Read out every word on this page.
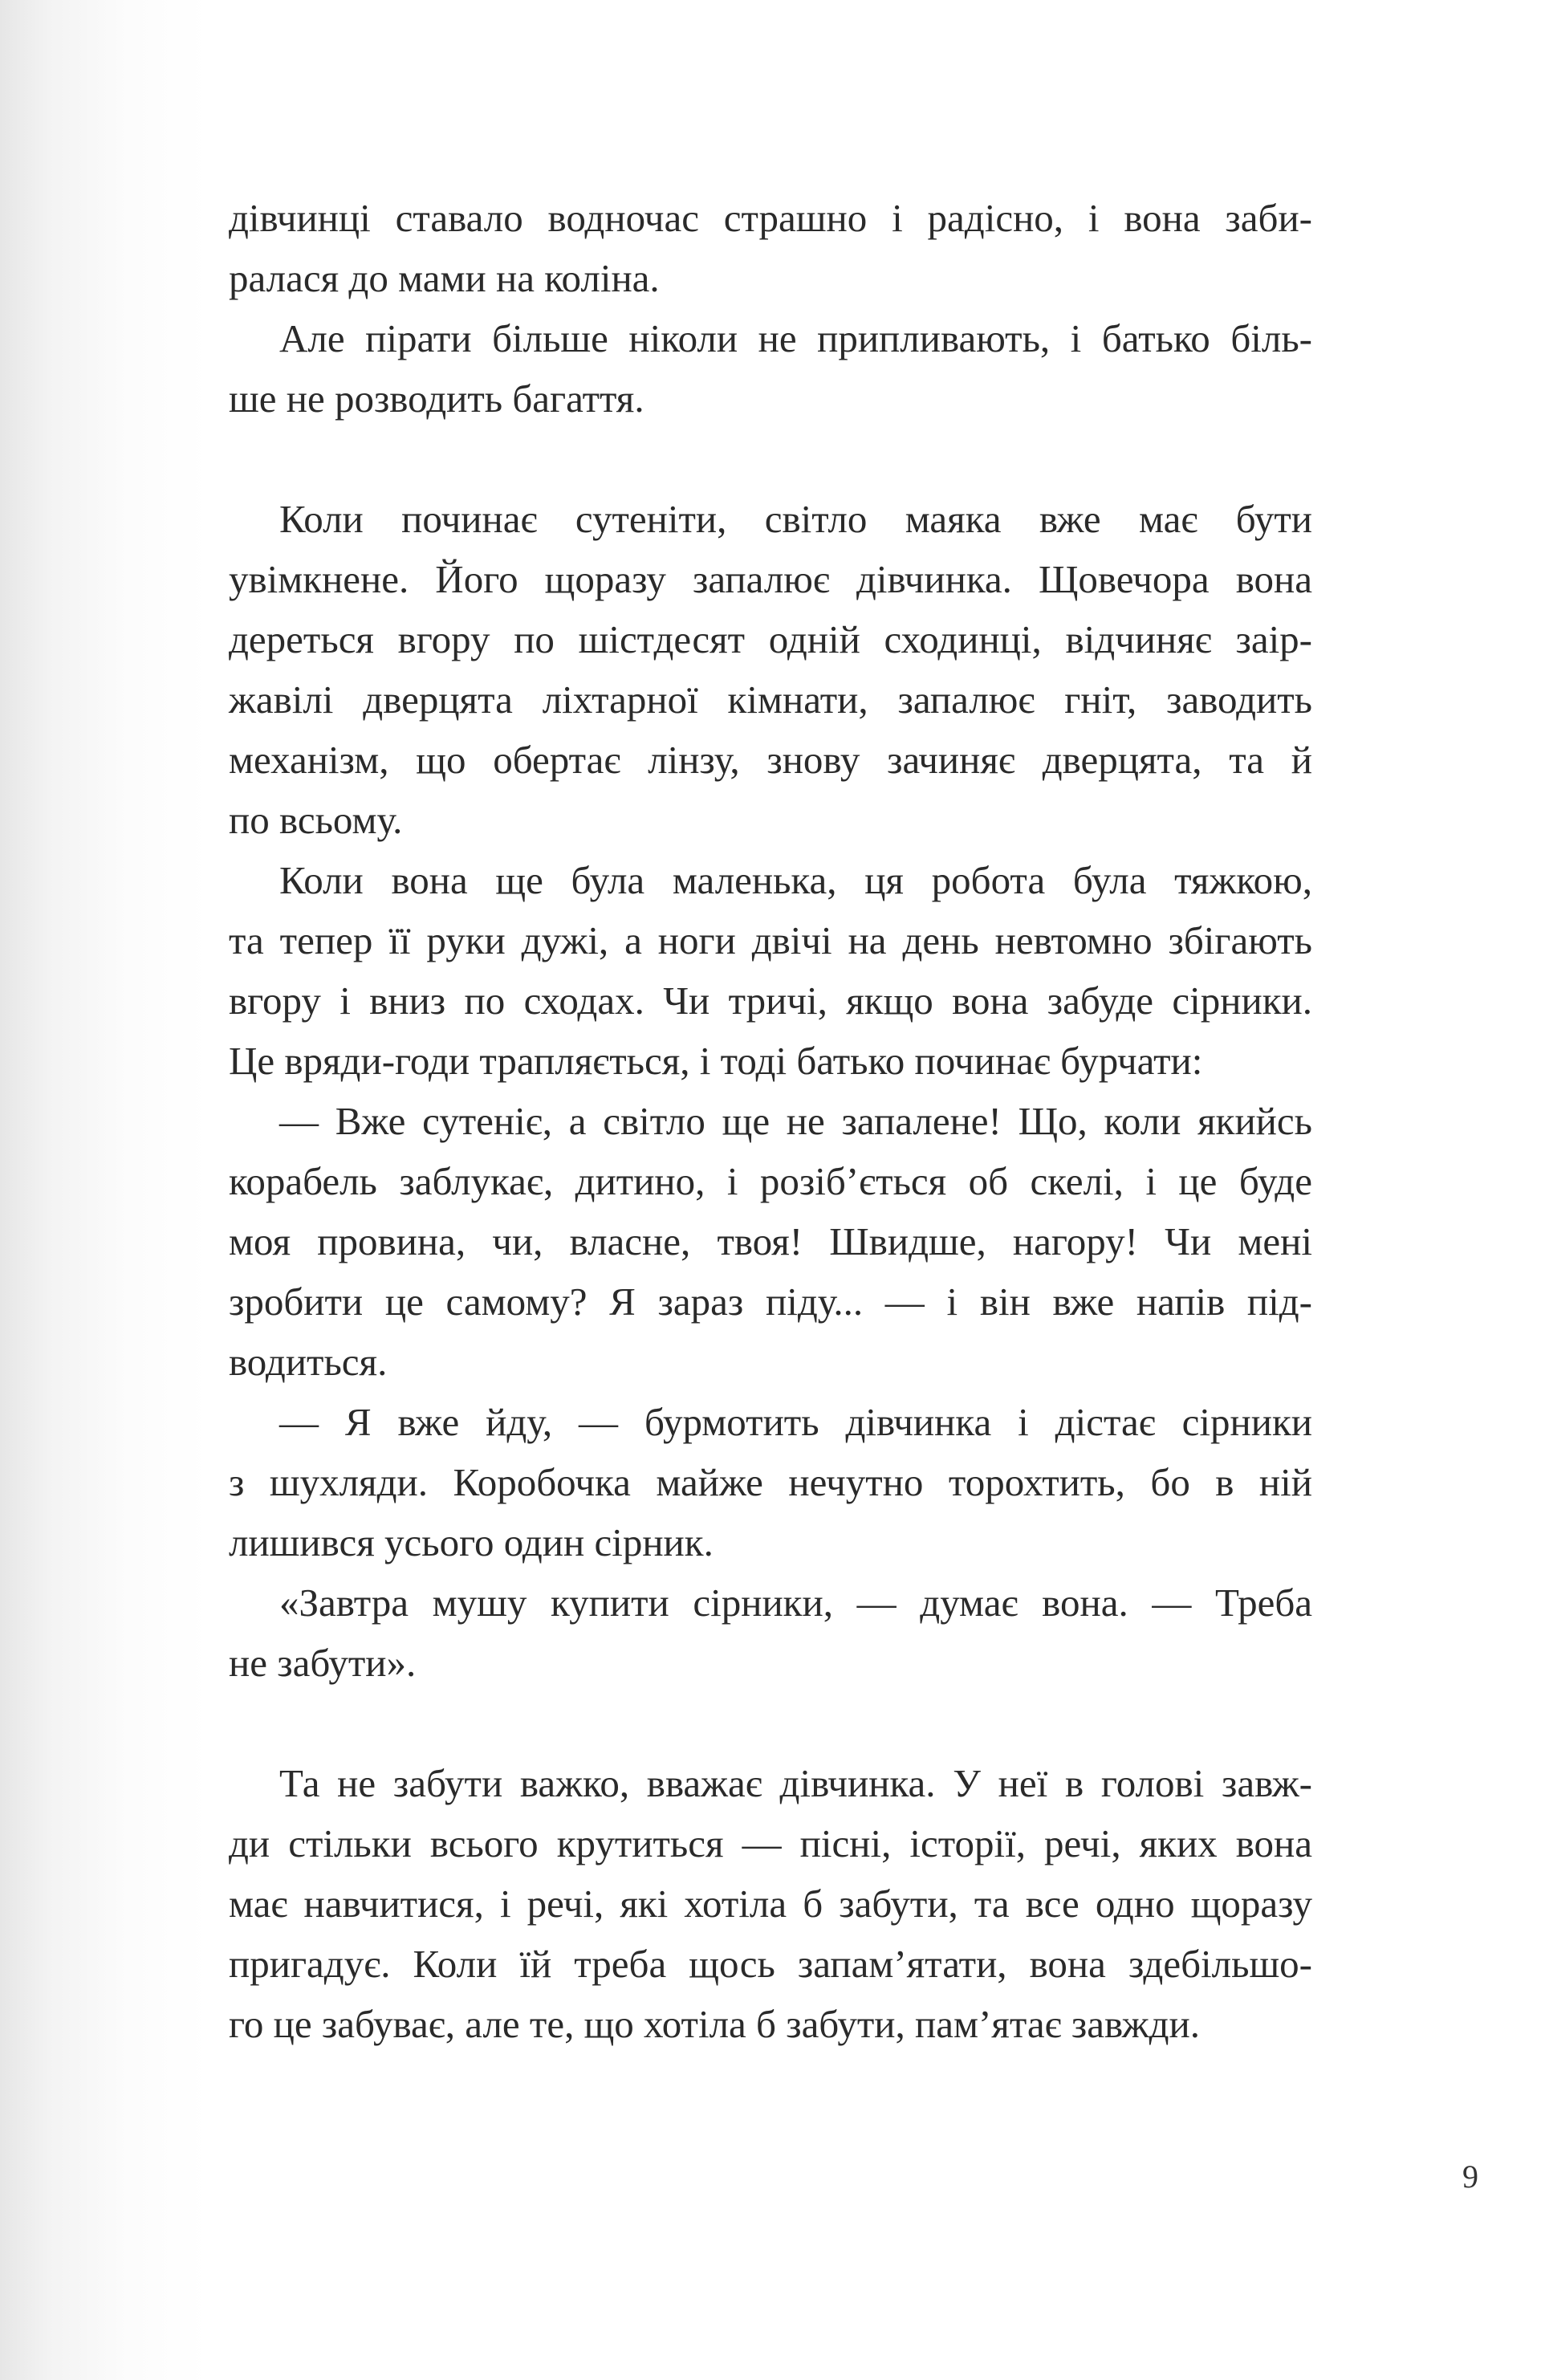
дівчинці ставало водночас страшно і радісно, і вона заби-
ралася до мами на коліна.
Але пірати більше ніколи не припливають, і батько біль-
ше не розводить багаття.
Коли починає сутеніти, світло маяка вже має бути
увімкнене. Його щоразу запалює дівчинка. Щовечора вона
дереться вгору по шістдесят одній сходинці, відчиняє заір-
жавілі дверцята ліхтарної кімнати, запалює гніт, заводить
механізм, що обертає лінзу, знову зачиняє дверцята, та й
по всьому.
Коли вона ще була маленька, ця робота була тяжкою,
та тепер її руки дужі, а ноги двічі на день невтомно збігають
вгору і вниз по сходах. Чи тричі, якщо вона забуде сірники.
Це вряди-годи трапляється, і тоді батько починає бурчати:
— Вже сутеніє, а світло ще не запалене! Що, коли якийсь
корабель заблукає, дитино, і розіб’ється об скелі, і це буде
моя провина, чи, власне, твоя! Швидше, нагору! Чи мені
зробити це самому? Я зараз піду... — і він вже напів під-
водиться.
— Я вже йду, — бурмотить дівчинка і дістає сірники
з шухляди. Коробочка майже нечутно торохтить, бо в ній
лишився усього один сірник.
«Завтра мушу купити сірники, — думає вона. — Треба
не забути».
Та не забути важко, вважає дівчинка. У неї в голові завж-
ди стільки всього крутиться — пісні, історії, речі, яких вона
має навчитися, і речі, які хотіла б забути, та все одно щоразу
пригадує. Коли їй треба щось запам’ятати, вона здебільшо-
го це забуває, але те, що хотіла б забути, пам’ятає завжди.
9
